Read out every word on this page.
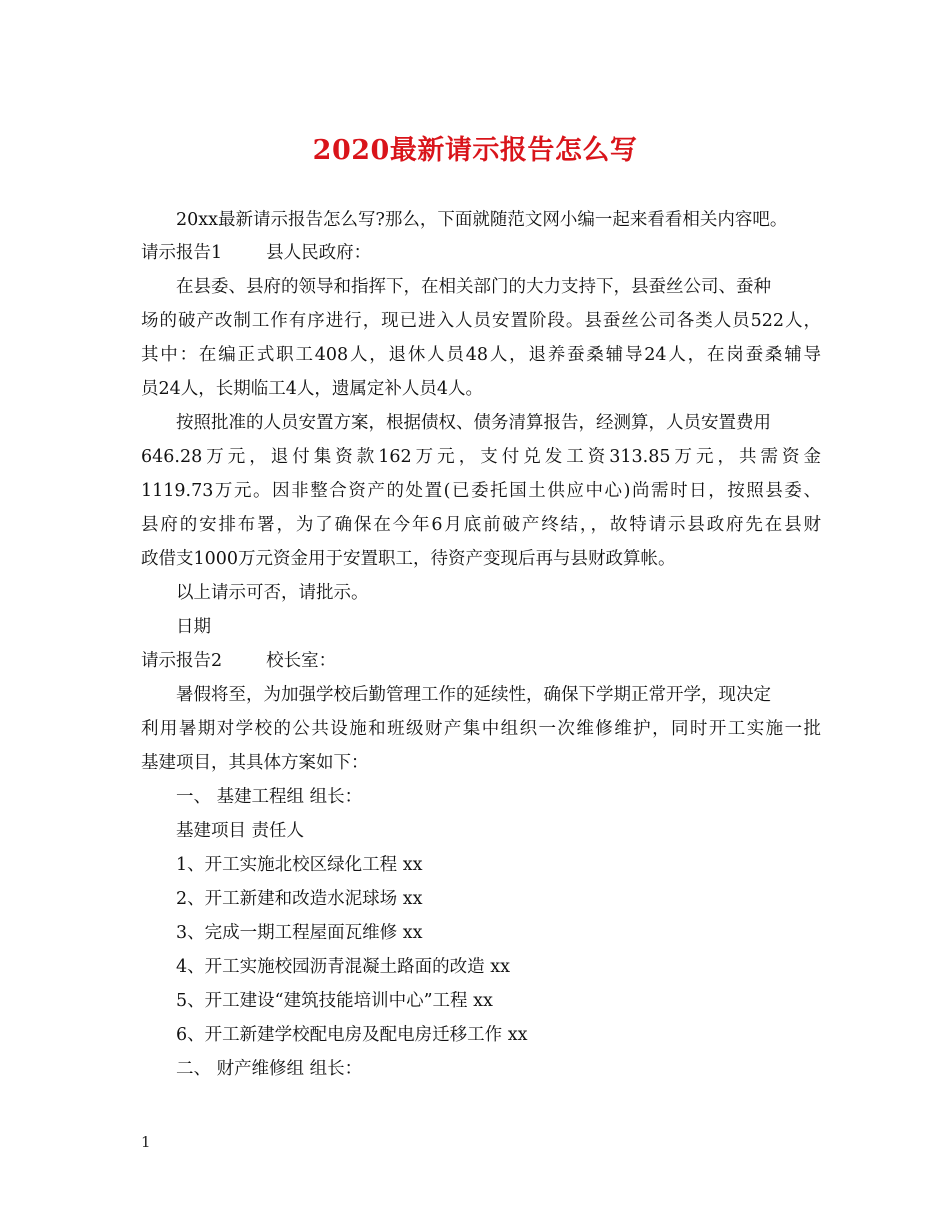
2020最新请示报告怎么写
20xx最新请示报告怎么写?那么，下面就随范文网小编一起来看看相关内容吧。
请示报告1	县人民政府：
在县委、县府的领导和指挥下，在相关部门的大力支持下，县蚕丝公司、蚕种
场的破产改制工作有序进行，现已进入人员安置阶段。县蚕丝公司各类人员522人，
其中：在编正式职工408人，退休人员48人，退养蚕桑辅导24人，在岗蚕桑辅导
员24人，长期临工4人，遗属定补人员4人。
按照批准的人员安置方案，根据债权、债务清算报告，经测算，人员安置费用
646.28万元，退付集资款162万元，支付兑发工资313.85万元，共需资金
1119.73万元。因非整合资产的处置(已委托国土供应中心)尚需时日，按照县委、
县府的安排布署，为了确保在今年6月底前破产终结，，故特请示县政府先在县财
政借支1000万元资金用于安置职工，待资产变现后再与县财政算帐。
以上请示可否，请批示。
日期
请示报告2	校长室：
暑假将至，为加强学校后勤管理工作的延续性，确保下学期正常开学，现决定
利用暑期对学校的公共设施和班级财产集中组织一次维修维护，同时开工实施一批
基建项目，其具体方案如下：
一、 基建工程组 组长：
基建项目 责任人
1、开工实施北校区绿化工程 xx
2、开工新建和改造水泥球场 xx
3、完成一期工程屋面瓦维修 xx
4、开工实施校园沥青混凝土路面的改造 xx
5、开工建设“建筑技能培训中心”工程 xx
6、开工新建学校配电房及配电房迁移工作 xx
二、 财产维修组 组长：
1
